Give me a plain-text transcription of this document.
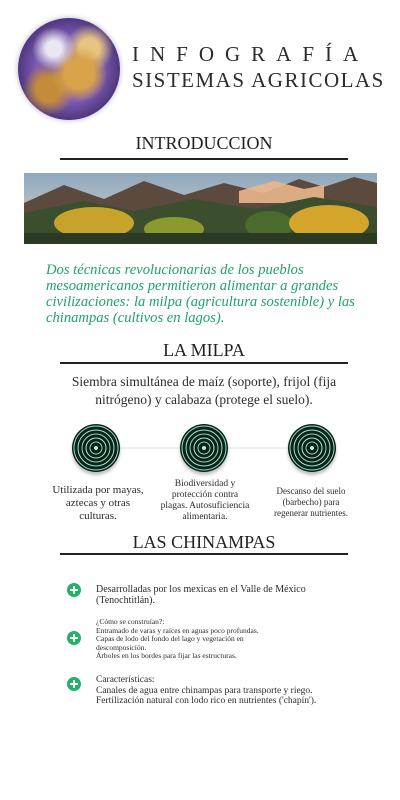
INFOGRAFÍA
SISTEMAS AGRICOLAS
INTRODUCCION
Dos técnicas revolucionarias de los pueblos mesoamericanos permitieron alimentar a grandes civilizaciones: la milpa (agricultura sostenible) y las chinampas (cultivos en lagos).
LA MILPA
Siembra simultánea de maíz (soporte), frijol (fija nitrógeno) y calabaza (protege el suelo).
Utilizada por mayas, aztecas y otras culturas.
Biodiversidad y protección contra plagas. Autosuficiencia alimentaria.
Descanso del suelo (barbecho) para regenerar nutrientes.
LAS CHINAMPAS
Desarrolladas por los mexicas en el Valle de México
(Tenochtitlán).
¿Cómo se construían?:
Entramado de varas y raíces en aguas poco profundas.
Capas de lodo del fondo del lago y vegetación en
descomposición.
Árboles en los bordes para fijar las estructuras.
Características:
Canales de agua entre chinampas para transporte y riego.
Fertilización natural con lodo rico en nutrientes ('chapín').
